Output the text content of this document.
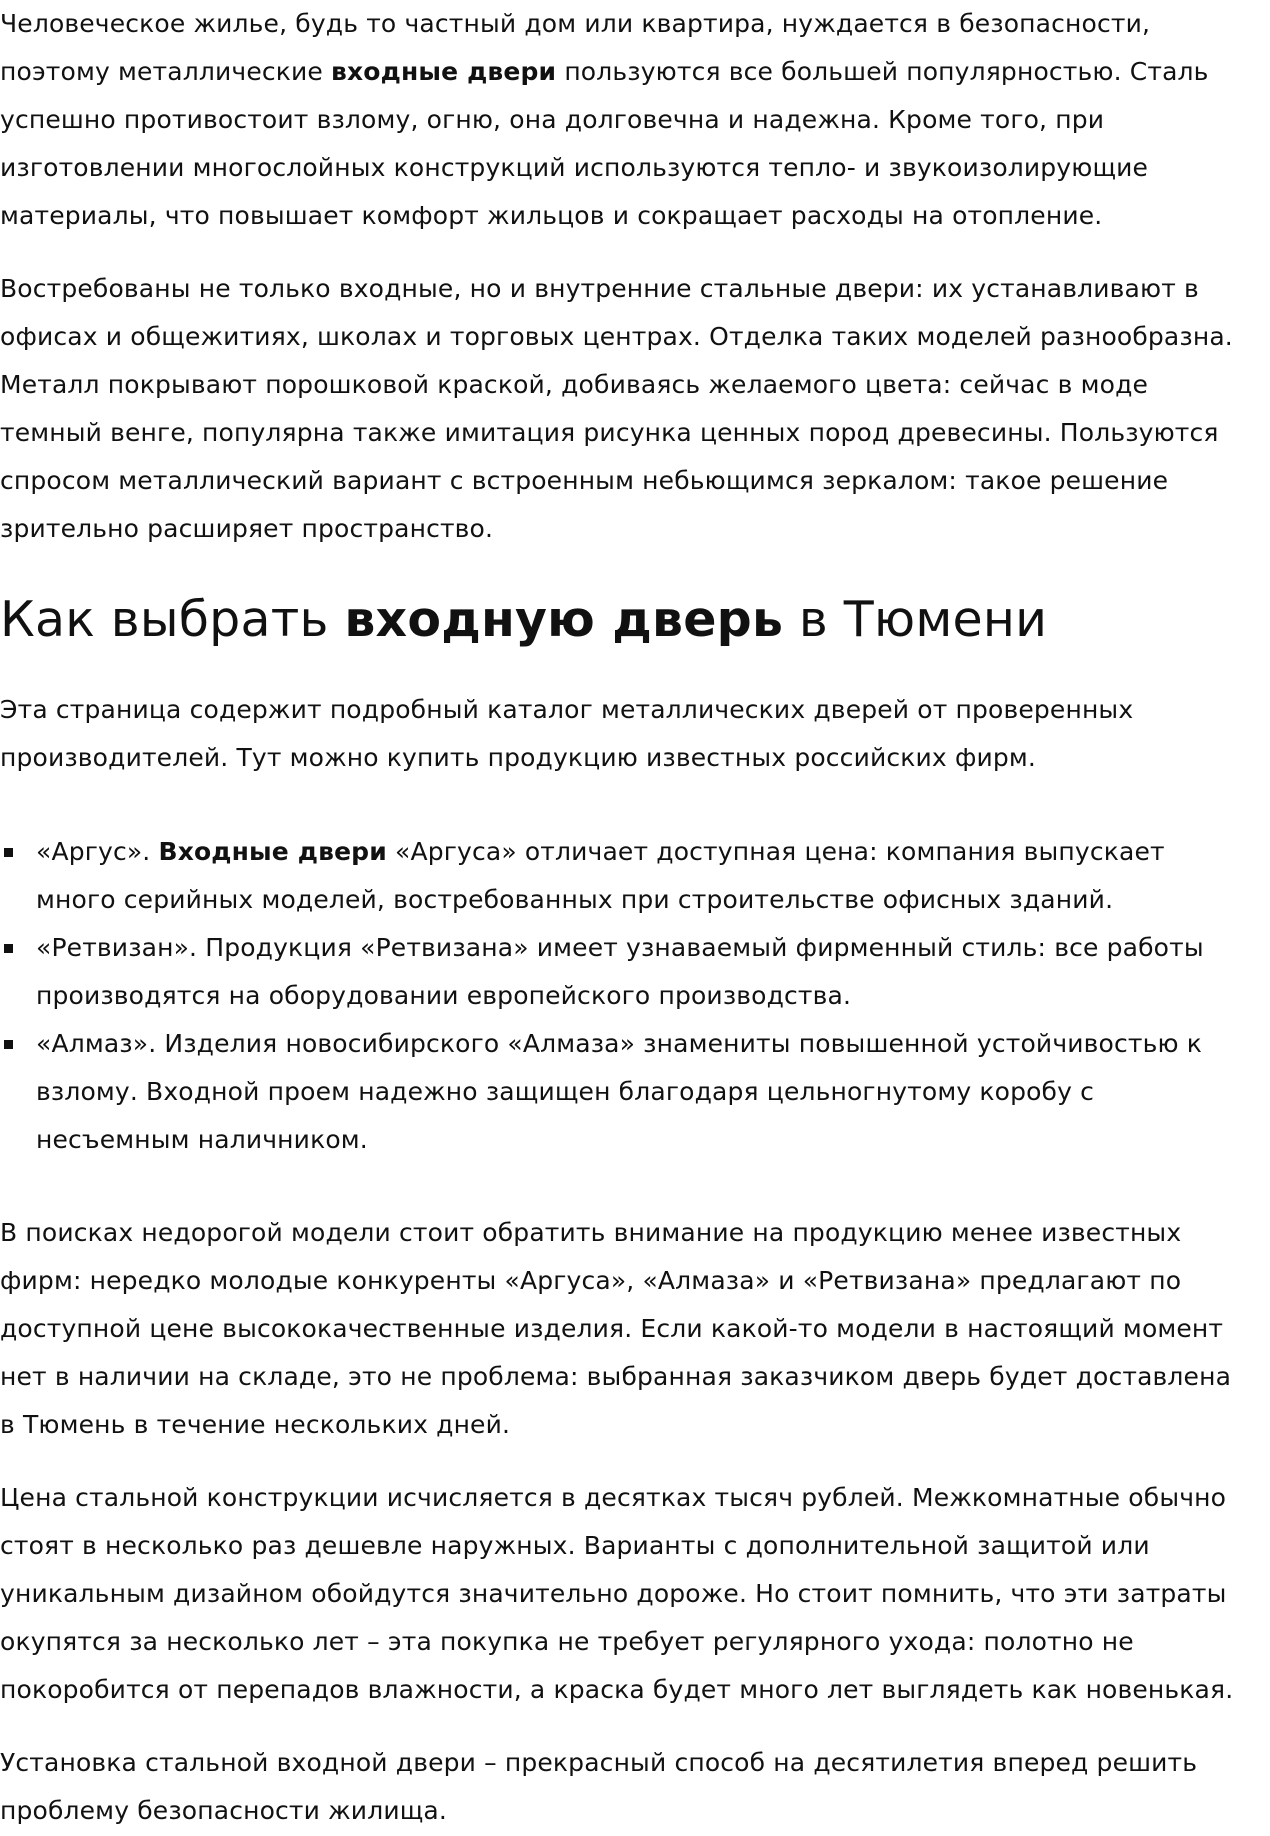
Человеческое жилье, будь то частный дом или квартира, нуждается в безопасности,
поэтому металлические входные двери пользуются все большей популярностью. Сталь
успешно противостоит взлому, огню, она долговечна и надежна. Кроме того, при
изготовлении многослойных конструкций используются тепло- и звукоизолирующие
материалы, что повышает комфорт жильцов и сокращает расходы на отопление.

Востребованы не только входные, но и внутренние стальные двери: их устанавливают в
офисах и общежитиях, школах и торговых центрах. Отделка таких моделей разнообразна.
Металл покрывают порошковой краской, добиваясь желаемого цвета: сейчас в моде
темный венге, популярна также имитация рисунка ценных пород древесины. Пользуются
спросом металлический вариант с встроенным небьющимся зеркалом: такое решение
зрительно расширяет пространство.

Как выбрать входную дверь в Тюмени

Эта страница содержит подробный каталог металлических дверей от проверенных
производителей. Тут можно купить продукцию известных российских фирм.

«Аргус». Входные двери «Аргуса» отличает доступная цена: компания выпускает
много серийных моделей, востребованных при строительстве офисных зданий.
«Ретвизан». Продукция «Ретвизана» имеет узнаваемый фирменный стиль: все работы
производятся на оборудовании европейского производства.
«Алмаз». Изделия новосибирского «Алмаза» знамениты повышенной устойчивостью к
взлому. Входной проем надежно защищен благодаря цельногнутому коробу с
несъемным наличником.

В поисках недорогой модели стоит обратить внимание на продукцию менее известных
фирм: нередко молодые конкуренты «Аргуса», «Алмаза» и «Ретвизана» предлагают по
доступной цене высококачественные изделия. Если какой-то модели в настоящий момент
нет в наличии на складе, это не проблема: выбранная заказчиком дверь будет доставлена
в Тюмень в течение нескольких дней.

Цена стальной конструкции исчисляется в десятках тысяч рублей. Межкомнатные обычно
стоят в несколько раз дешевле наружных. Варианты с дополнительной защитой или
уникальным дизайном обойдутся значительно дороже. Но стоит помнить, что эти затраты
окупятся за несколько лет – эта покупка не требует регулярного ухода: полотно не
покоробится от перепадов влажности, а краска будет много лет выглядеть как новенькая.

Установка стальной входной двери – прекрасный способ на десятилетия вперед решить
проблему безопасности жилища.
